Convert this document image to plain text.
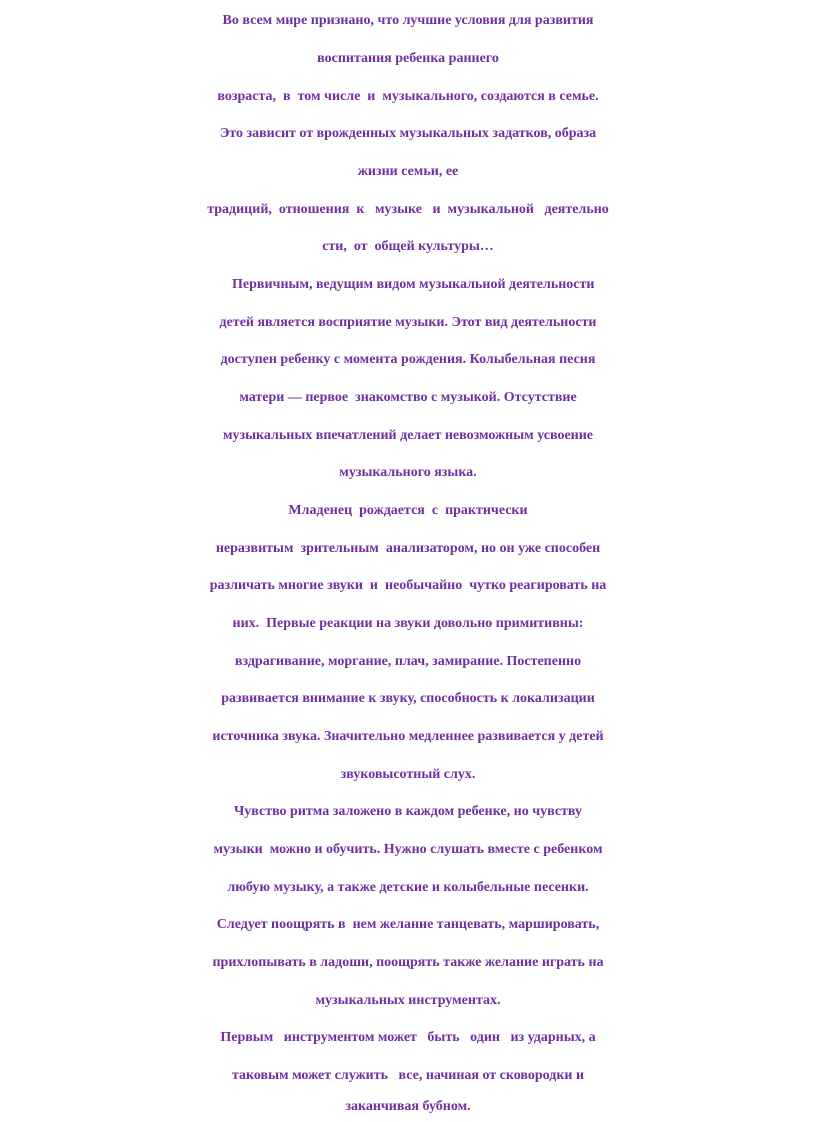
Во всем мире признано, что лучшие условия для развития
воспитания ребенка раннего
возраста,  в  том числе  и  музыкального, создаются в семье.
Это зависит от врожденных музыкальных задатков, образа
жизни семьи, ее
традиций,  отношения  к   музыке   и  музыкальной   деятельно
сти,  от  общей культуры…
Первичным, ведущим видом музыкальной деятельности
детей является восприятие музыки. Этот вид деятельности
доступен ребенку с момента рождения. Колыбельная песня
матери — первое  знакомство с музыкой. Отсутствие
музыкальных впечатлений делает невозможным усвоение
музыкального языка.
Младенец  рождается  с  практически
неразвитым  зрительным  анализатором, но он уже способен
различать многие звуки  и  необычайно  чутко реагировать на
них.  Первые реакции на звуки довольно примитивны:
вздрагивание, моргание, плач, замирание. Постепенно
развивается внимание к звуку, способность к локализации
источника звука. Значительно медленнее развивается у детей
звуковысотный слух.
Чувство ритма заложено в каждом ребенке, но чувству
музыки  можно и обучить. Нужно слушать вместе с ребенком
любую музыку, а также детские и колыбельные песенки.
Следует поощрять в  нем желание танцевать, маршировать,
прихлопывать в ладоши, поощрять также желание играть на
музыкальных инструментах.
Первым   инструментом может   быть   один   из ударных, а
таковым может служить   все, начиная от сковородки и
заканчивая бубном.
